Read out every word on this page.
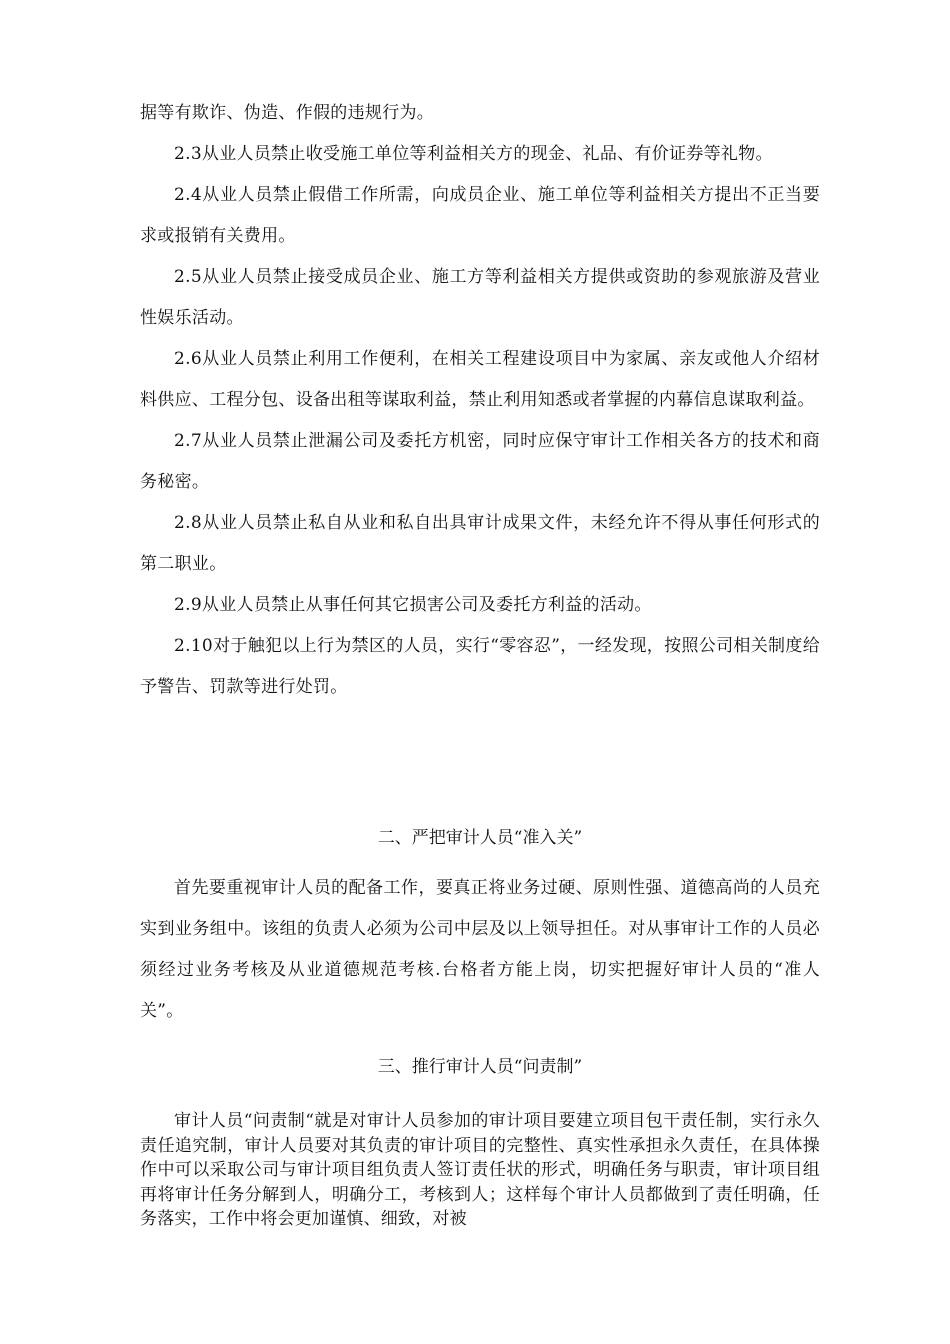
据等有欺诈、伪造、作假的违规行为。

2.3从业人员禁止收受施工单位等利益相关方的现金、礼品、有价证券等礼物。

2.4从业人员禁止假借工作所需，向成员企业、施工单位等利益相关方提出不正当要求或报销有关费用。

2.5从业人员禁止接受成员企业、施工方等利益相关方提供或资助的参观旅游及营业性娱乐活动。

2.6从业人员禁止利用工作便利，在相关工程建设项目中为家属、亲友或他人介绍材料供应、工程分包、设备出租等谋取利益，禁止利用知悉或者掌握的内幕信息谋取利益。

2.7从业人员禁止泄漏公司及委托方机密，同时应保守审计工作相关各方的技术和商务秘密。

2.8从业人员禁止私自从业和私自出具审计成果文件，未经允许不得从事任何形式的第二职业。

2.9从业人员禁止从事任何其它损害公司及委托方利益的活动。

2.10对于触犯以上行为禁区的人员，实行“零容忍”，一经发现，按照公司相关制度给予警告、罚款等进行处罚。

二、严把审计人员“准入关”

首先要重视审计人员的配备工作，要真正将业务过硬、原则性强、道德高尚的人员充实到业务组中。该组的负责人必须为公司中层及以上领导担任。对从事审计工作的人员必须经过业务考核及从业道德规范考核.台格者方能上岗，切实把握好审计人员的“准人关”。

三、推行审计人员“问责制”

审计人员“问责制“就是对审计人员参加的审计项目要建立项目包干责任制，实行永久责任追究制，审计人员要对其负责的审计项目的完整性、真实性承担永久责任，在具体操作中可以采取公司与审计项目组负责人签订责任状的形式，明确任务与职责，审计项目组再将审计任务分解到人，明确分工，考核到人；这样每个审计人员都做到了责任明确，任务落实，工作中将会更加谨慎、细致，对被
